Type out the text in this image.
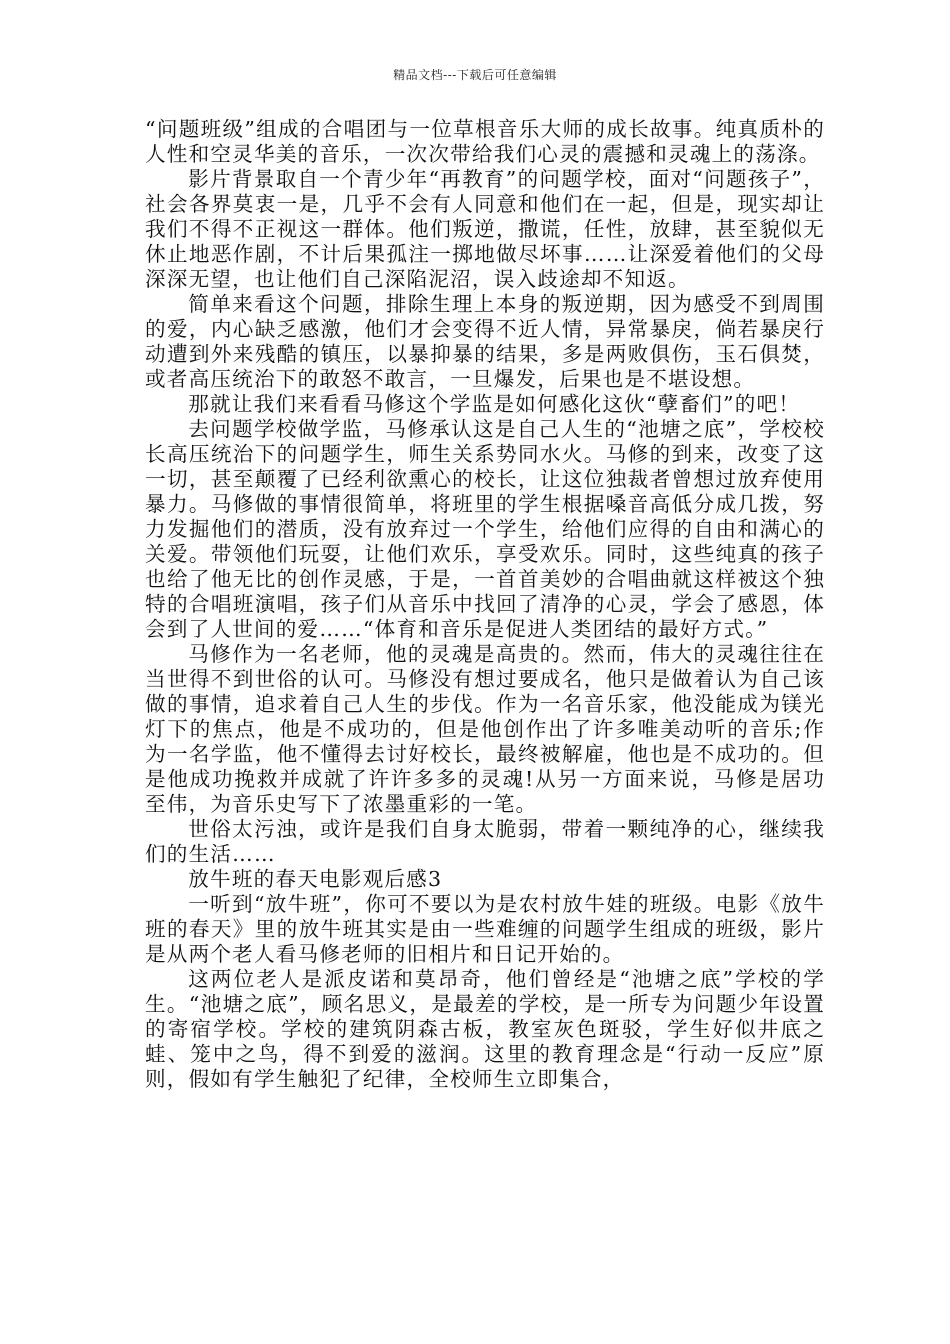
精品文档---下载后可任意编辑

“问题班级”组成的合唱团与一位草根音乐大师的成长故事。纯真质朴的人性和空灵华美的音乐，一次次带给我们心灵的震撼和灵魂上的荡涤。

影片背景取自一个青少年“再教育”的问题学校，面对“问题孩子”，社会各界莫衷一是，几乎不会有人同意和他们在一起，但是，现实却让我们不得不正视这一群体。他们叛逆，撒谎，任性，放肆，甚至貌似无休止地恶作剧，不计后果孤注一掷地做尽坏事……让深爱着他们的父母深深无望，也让他们自己深陷泥沼，误入歧途却不知返。

简单来看这个问题，排除生理上本身的叛逆期，因为感受不到周围的爱，内心缺乏感激，他们才会变得不近人情，异常暴戾，倘若暴戾行动遭到外来残酷的镇压，以暴抑暴的结果，多是两败俱伤，玉石俱焚，或者高压统治下的敢怒不敢言，一旦爆发，后果也是不堪设想。

那就让我们来看看马修这个学监是如何感化这伙“孽畜们”的吧！

去问题学校做学监，马修承认这是自己人生的“池塘之底”，学校校长高压统治下的问题学生，师生关系势同水火。马修的到来，改变了这一切，甚至颠覆了已经利欲熏心的校长，让这位独裁者曾想过放弃使用暴力。马修做的事情很简单，将班里的学生根据嗓音高低分成几拨，努力发掘他们的潜质，没有放弃过一个学生，给他们应得的自由和满心的关爱。带领他们玩耍，让他们欢乐，享受欢乐。同时，这些纯真的孩子也给了他无比的创作灵感，于是，一首首美妙的合唱曲就这样被这个独特的合唱班演唱，孩子们从音乐中找回了清净的心灵，学会了感恩，体会到了人世间的爱……“体育和音乐是促进人类团结的最好方式。”

马修作为一名老师，他的灵魂是高贵的。然而，伟大的灵魂往往在当世得不到世俗的认可。马修没有想过要成名，他只是做着认为自己该做的事情，追求着自己人生的步伐。作为一名音乐家，他没能成为镁光灯下的焦点，他是不成功的，但是他创作出了许多唯美动听的音乐;作为一名学监，他不懂得去讨好校长，最终被解雇，他也是不成功的。但是他成功挽救并成就了许许多多的灵魂!从另一方面来说，马修是居功至伟，为音乐史写下了浓墨重彩的一笔。

世俗太污浊，或许是我们自身太脆弱，带着一颗纯净的心，继续我们的生活……

放牛班的春天电影观后感3

一听到“放牛班”，你可不要以为是农村放牛娃的班级。电影《放牛班的春天》里的放牛班其实是由一些难缠的问题学生组成的班级，影片是从两个老人看马修老师的旧相片和日记开始的。

这两位老人是派皮诺和莫昂奇，他们曾经是“池塘之底”学校的学生。“池塘之底”，顾名思义，是最差的学校，是一所专为问题少年设置的寄宿学校。学校的建筑阴森古板，教室灰色斑驳，学生好似井底之蛙、笼中之鸟，得不到爱的滋润。这里的教育理念是“行动一反应”原则，假如有学生触犯了纪律，全校师生立即集合，
